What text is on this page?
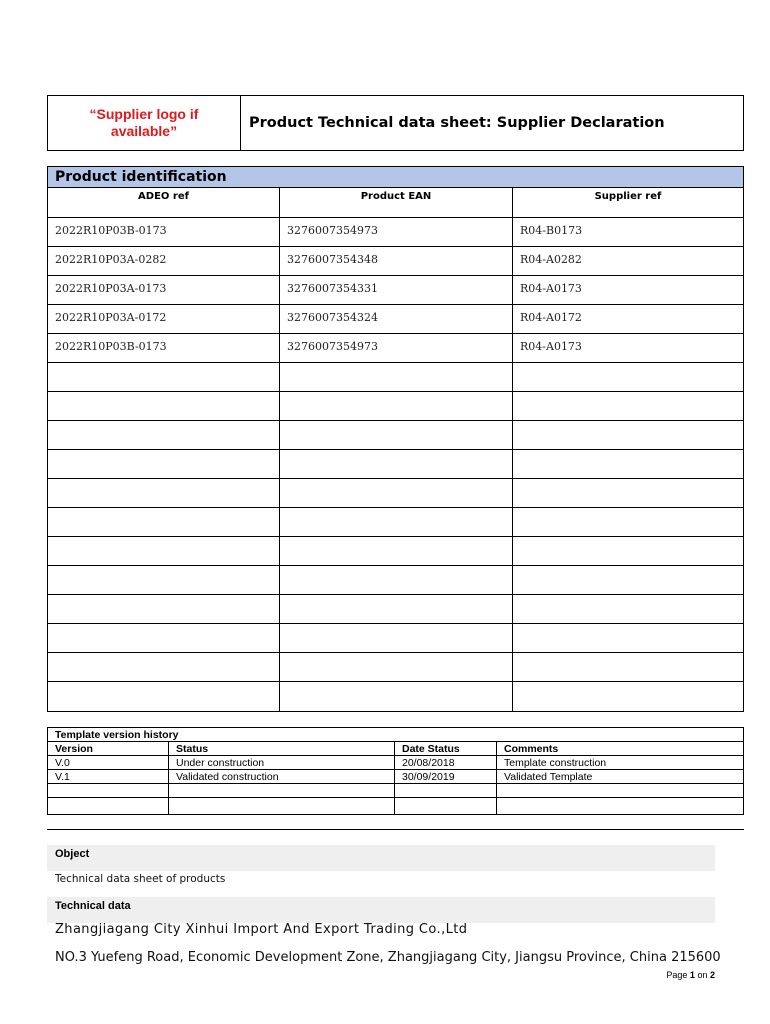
“Supplier logo if available”	Product Technical data sheet: Supplier Declaration
Product identification
ADEO ref	Product EAN	Supplier ref
2022R10P03B-0173	3276007354973	R04-B0173
2022R10P03A-0282	3276007354348	R04-A0282
2022R10P03A-0173	3276007354331	R04-A0173
2022R10P03A-0172	3276007354324	R04-A0172
2022R10P03B-0173	3276007354973	R04-A0173
Template version history
Version	Status	Date Status	Comments
V.0	Under construction	20/08/2018	Template construction
V.1	Validated construction	30/09/2019	Validated Template
Object
Technical data sheet of products
Technical data
Zhangjiagang City Xinhui Import And Export Trading Co.,Ltd
NO.3 Yuefeng Road, Economic Development Zone, Zhangjiagang City, Jiangsu Province, China 215600
Page 1 on 2
